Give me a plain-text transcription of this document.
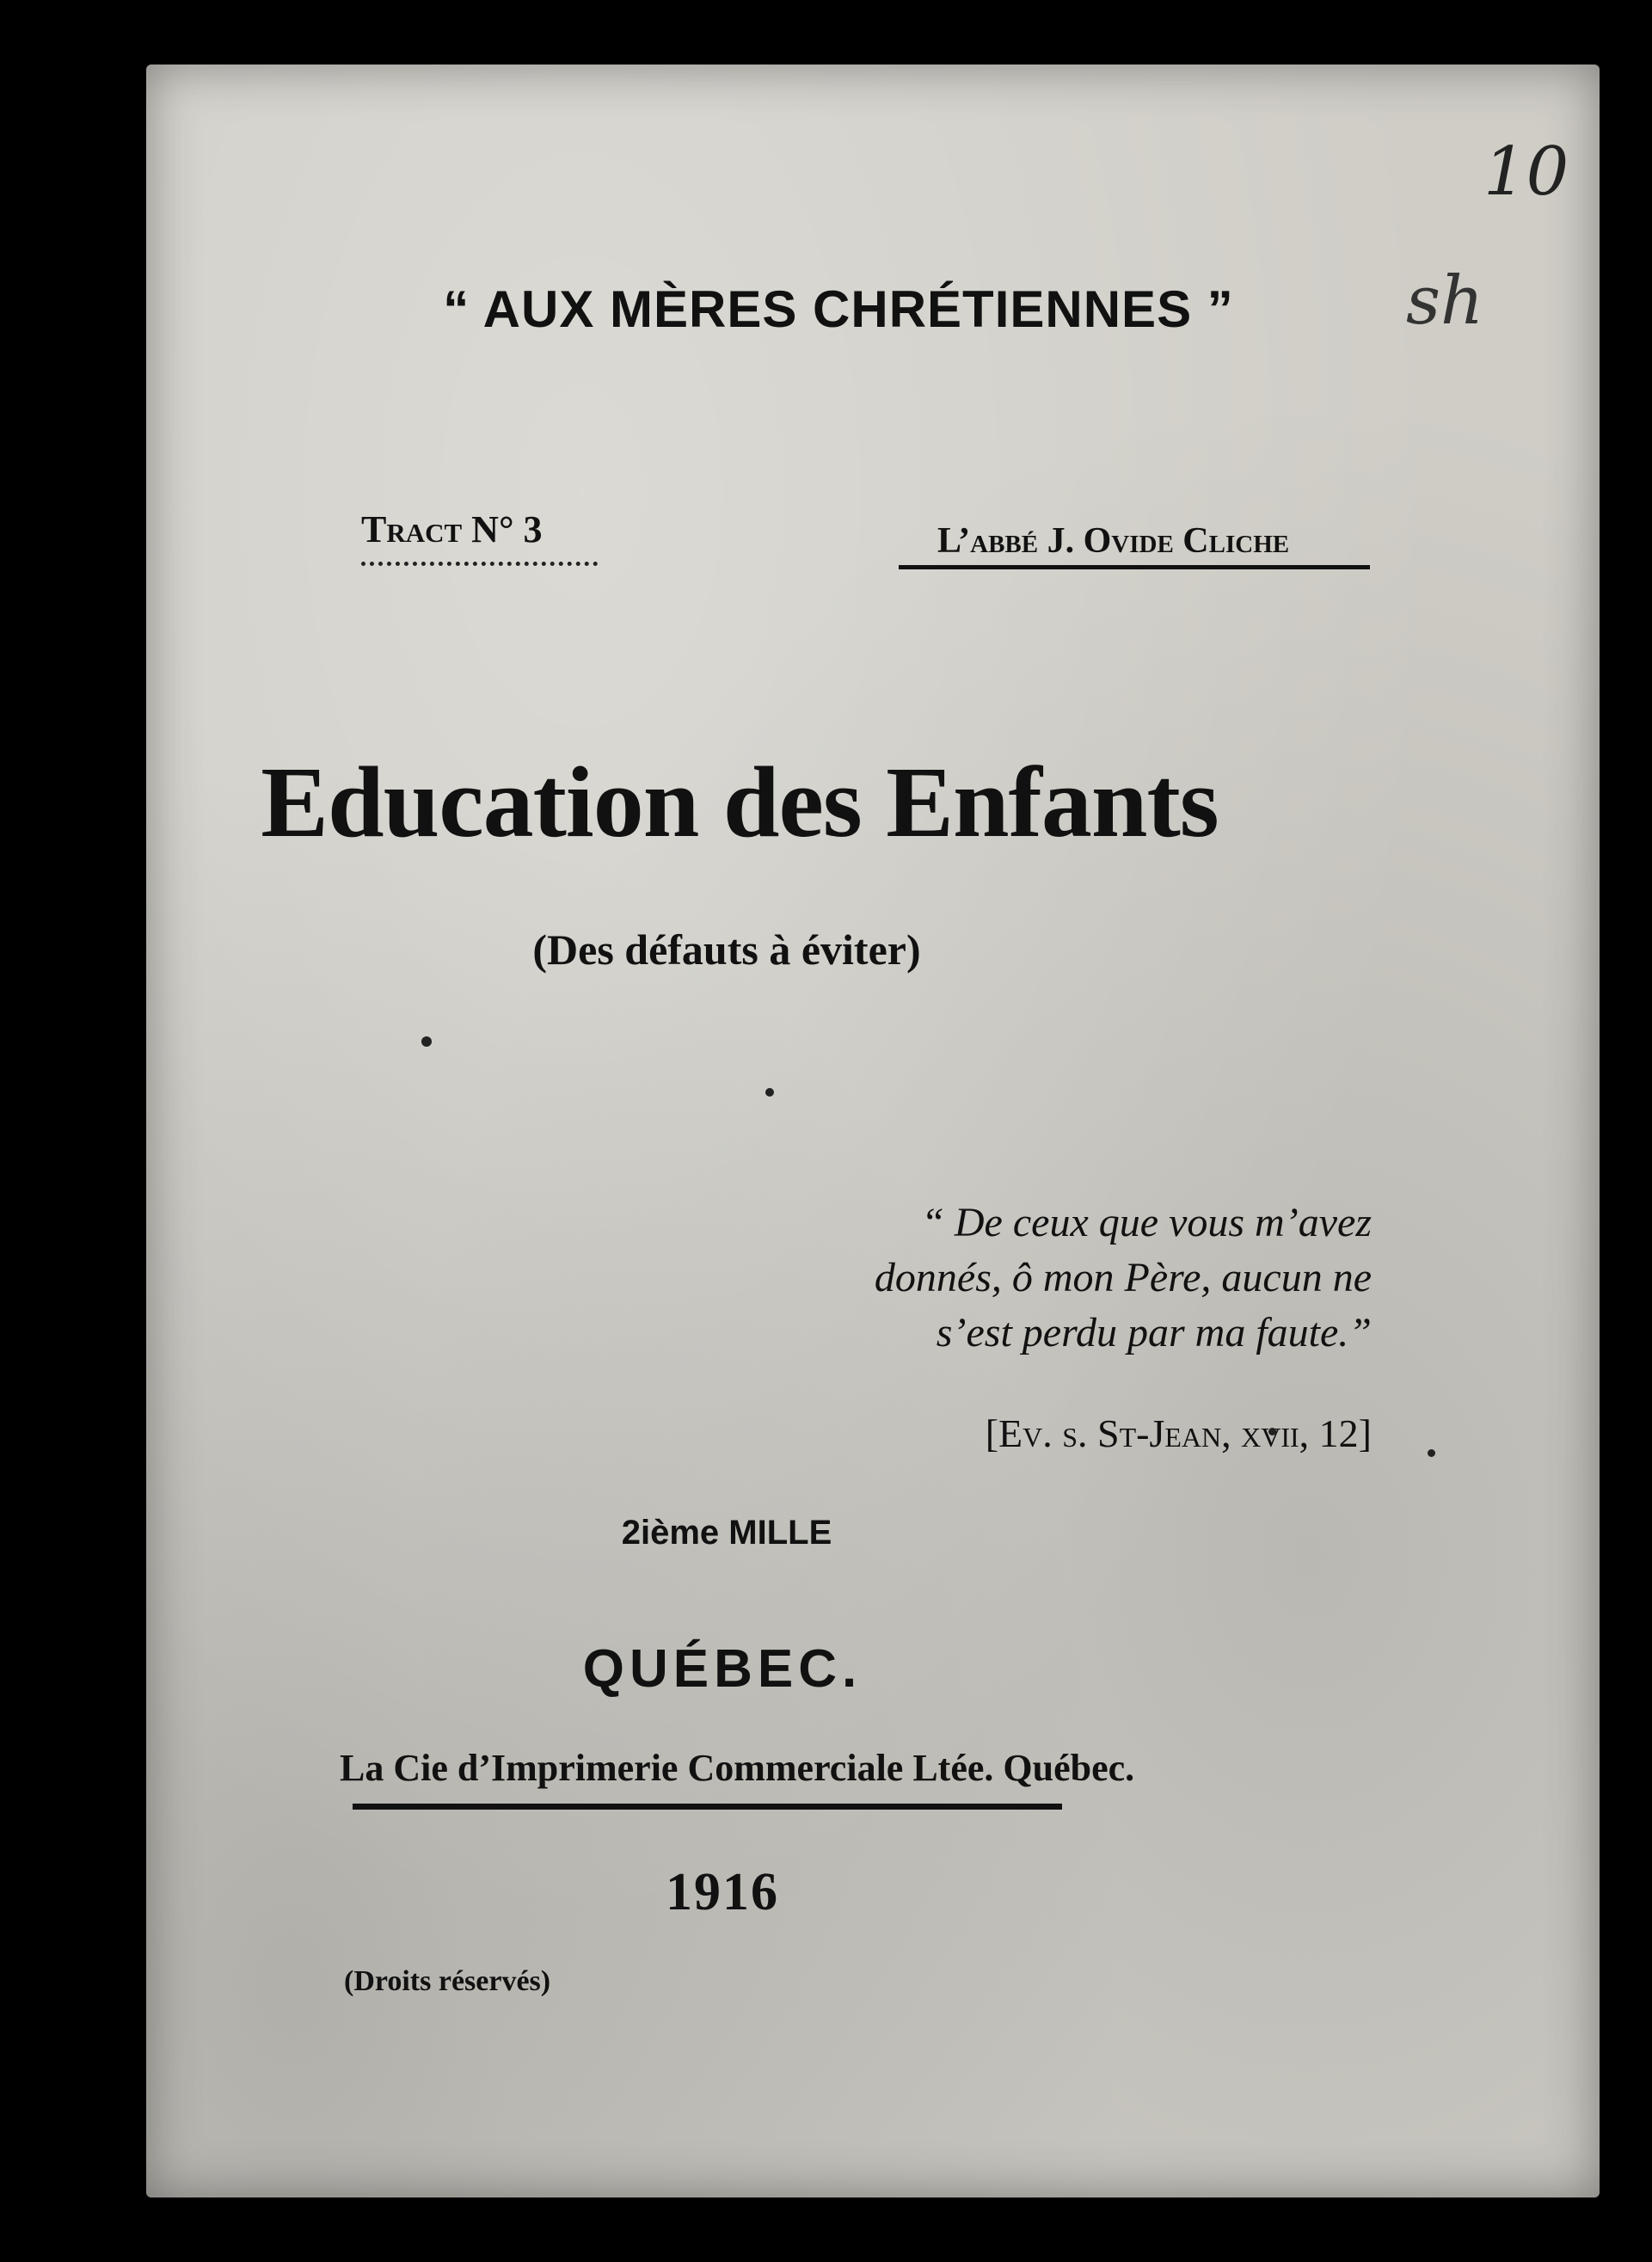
“ AUX MÈRES CHRÉTIENNES ”
10
sh
Tract N° 3	L’abbé J. Ovide Cliche
Education des Enfants
(Des défauts à éviter)
“ De ceux que vous m’avez
donnés, ô mon Père, aucun ne
s’est perdu par ma faute.”
[Ev. s. St-Jean, xvii, 12]
2ième MILLE
QUÉBEC.
La Cie d’Imprimerie Commerciale Ltée. Québec.
1916
(Droits réservés)
